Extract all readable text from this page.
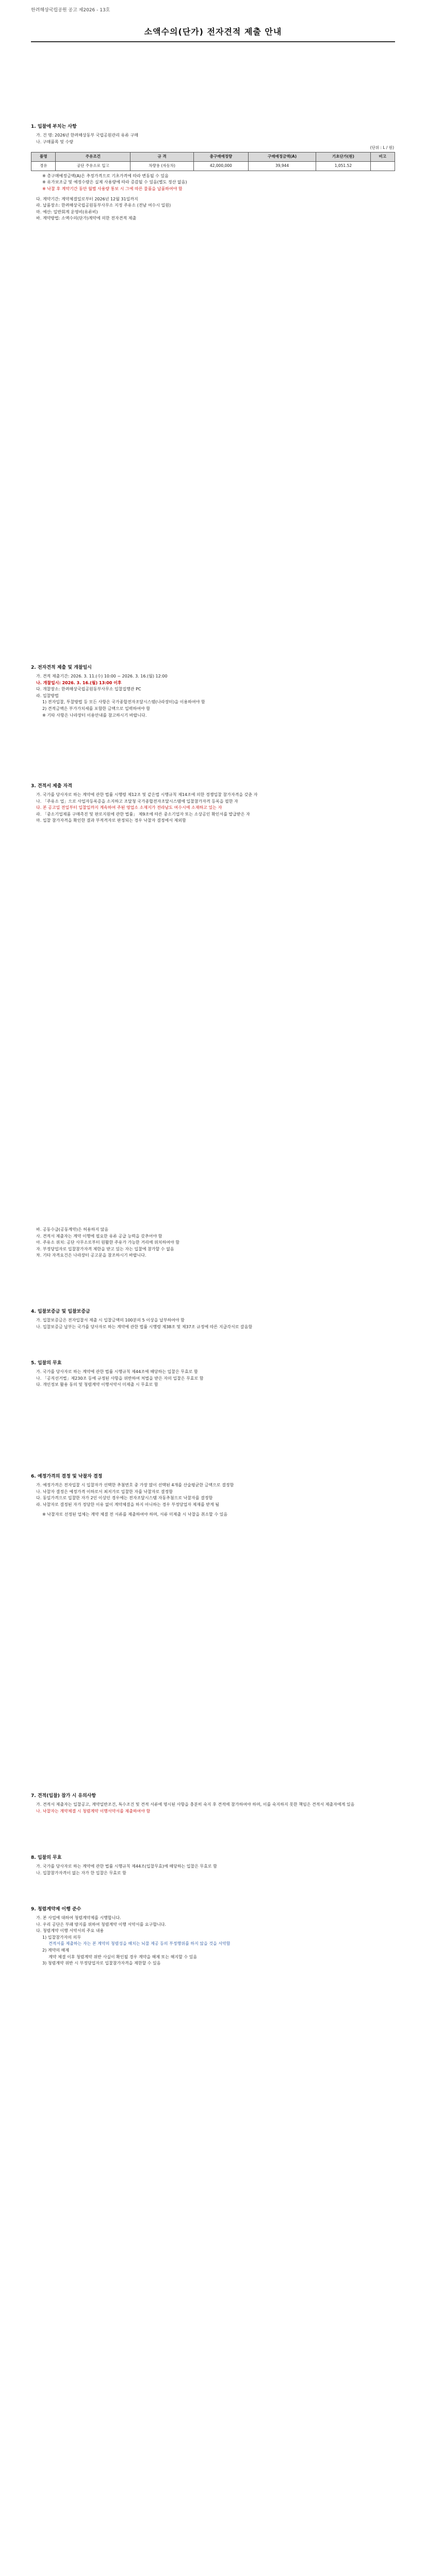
한려해상국립공원 공고 제2026 - 13호
소액수의(단가) 전자견적 제출 안내
1. 입찰에 부치는 사항
가. 건 명: 2026년 한려해상동부 국립공원관리 유류 구매
나. 구매품목 및 수량
(단위 : L / 원)
품명	주유조건	규 격	총구매예정량	구매예정금액(A)	기초단가(원)	비고
경유	공단 주유소로 입고	차량용 (자동차)	42,000,000	39,944	1,051.52	
※ 총구매예정금액(A)은 추정가격으로 기초가격에 따라 변동될 수 있음
※ 유가보조금 및 예정수량은 실제 사용량에 따라 증감될 수 있음(별도 정산 없음)
※ 낙찰 후 계약기간 동안 월별 사용량 통보 시 그에 따른 물품을 납품하여야 함
다. 계약기간: 계약체결일로부터 2026년 12월 31일까지
라. 납품장소: 한려해상국립공원동부사무소 지정 주유소 (전남 여수시 일원)
마. 예산: 일반회계 운영비(유류비)
바. 계약방법: 소액수의(단가)계약에 의한 전자견적 제출
2. 전자견적 제출 및 개찰일시
가. 견적 제출기간: 2026. 3. 11.(수) 10:00 ~ 2026. 3. 16.(월) 12:00
나. 개찰일시: 2026. 3. 16.(월) 13:00 이후
다. 개찰장소: 한려해상국립공원동부사무소 입찰집행관 PC
라. 입찰방법
1) 전자입찰, 투찰방법 등 모든 사항은 국가종합전자조달시스템(나라장터)을 이용하여야 함
2) 견적금액은 부가가치세를 포함한 금액으로 입력하여야 함
※ 기타 사항은 나라장터 이용안내를 참고하시기 바랍니다.
3. 견적서 제출 자격
가. 국가를 당사자로 하는 계약에 관한 법률 시행령 제12조 및 같은법 시행규칙 제14조에 의한 경쟁입찰 참가자격을 갖춘 자
나. 「주유소 업」으로 사업자등록증을 소지하고 조달청 국가종합전자조달시스템에 입찰참가자격 등록을 필한 자
다. 본 공고일 전일부터 입찰일까지 계속하여 주된 영업소 소재지가 전라남도 여수시에 소재하고 있는 자
라. 「중소기업제품 구매촉진 및 판로지원에 관한 법률」 제9조에 따른 중소기업자 또는 소상공인 확인서를 발급받은 자
마. 입찰 참가자격을 확인한 결과 부적격자로 판정되는 경우 낙찰자 결정에서 제외함
바. 공동수급(공동계약)은 허용하지 않음
사. 견적서 제출자는 계약 이행에 필요한 유류 공급 능력을 갖추어야 함
아. 주유소 위치: 공단 사무소로부터 원활한 주유가 가능한 거리에 위치하여야 함
자. 부정당업자로 입찰참가자격 제한을 받고 있는 자는 입찰에 참가할 수 없음
차. 기타 자격요건은 나라장터 공고문을 참조하시기 바랍니다.
4. 입찰보증금 및 입찰보증금
가. 입찰보증금은 전자입찰서 제출 시 입찰금액의 100분의 5 이상을 납부하여야 함
나. 입찰보증금 납부는 국가를 당사자로 하는 계약에 관한 법률 시행령 제38조 및 제37조 규정에 따른 지급각서로 갈음함
5. 입찰의 무효
가. 국가를 당사자로 하는 계약에 관한 법률 시행규칙 제44조에 해당하는 입찰은 무효로 함
나. 「공직선거법」제230조 등에 규정된 사항을 위반하여 처벌을 받은 자의 입찰은 무효로 함
다. 개인정보 활용 동의 및 청렴계약 이행서약서 미제출 시 무효로 함
6. 예정가격의 결정 및 낙찰자 결정
가. 예정가격은 전자입찰 시 입찰자가 선택한 추첨번호 중 가장 많이 선택된 4개를 산술평균한 금액으로 결정함
나. 낙찰자 결정은 예정가격 이하로서 최저가로 입찰한 자를 낙찰자로 결정함
다. 동일가격으로 입찰한 자가 2인 이상인 경우에는 전자조달시스템 자동추첨으로 낙찰자를 결정함
라. 낙찰자로 결정된 자가 정당한 이유 없이 계약체결을 하지 아니하는 경우 부정당업자 제재를 받게 됨
※ 낙찰자로 선정된 업체는 계약 체결 전 서류를 제출하여야 하며, 서류 미제출 시 낙찰을 취소할 수 있음
7. 견적(입찰) 참가 시 유의사항
가. 견적서 제출자는 입찰공고, 계약일반조건, 특수조건 및 견적 서류에 명시된 사항을 충분히 숙지 후 견적에 참가하여야 하며, 이를 숙지하지 못한 책임은 견적서 제출자에게 있음
나. 낙찰자는 계약체결 시 청렴계약 이행서약서를 제출하여야 함
8. 입찰의 무효
가. 국가를 당사자로 하는 계약에 관한 법률 시행규칙 제44조(입찰무효)에 해당하는 입찰은 무효로 함
나. 입찰참가자격이 없는 자가 한 입찰은 무효로 함
9. 청렴계약제 이행 준수
가. 본 사업에 대하여 청렴계약제를 시행합니다.
나. 우리 공단은 부패 방지를 위하여 청렴계약 이행 서약서를 요구합니다.
다. 청렴계약 이행 서약서의 주요 내용
1) 입찰참가자의 의무
견적서를 제출하는 자는 본 계약의 청렴성을 해치는 뇌물 제공 등의 부정행위를 하지 않을 것을 서약함
2) 계약의 해제
계약 체결 이후 청렴계약 위반 사실이 확인될 경우 계약을 해제 또는 해지할 수 있음
3) 청렴계약 위반 시 부정당업자로 입찰참가자격을 제한할 수 있음
